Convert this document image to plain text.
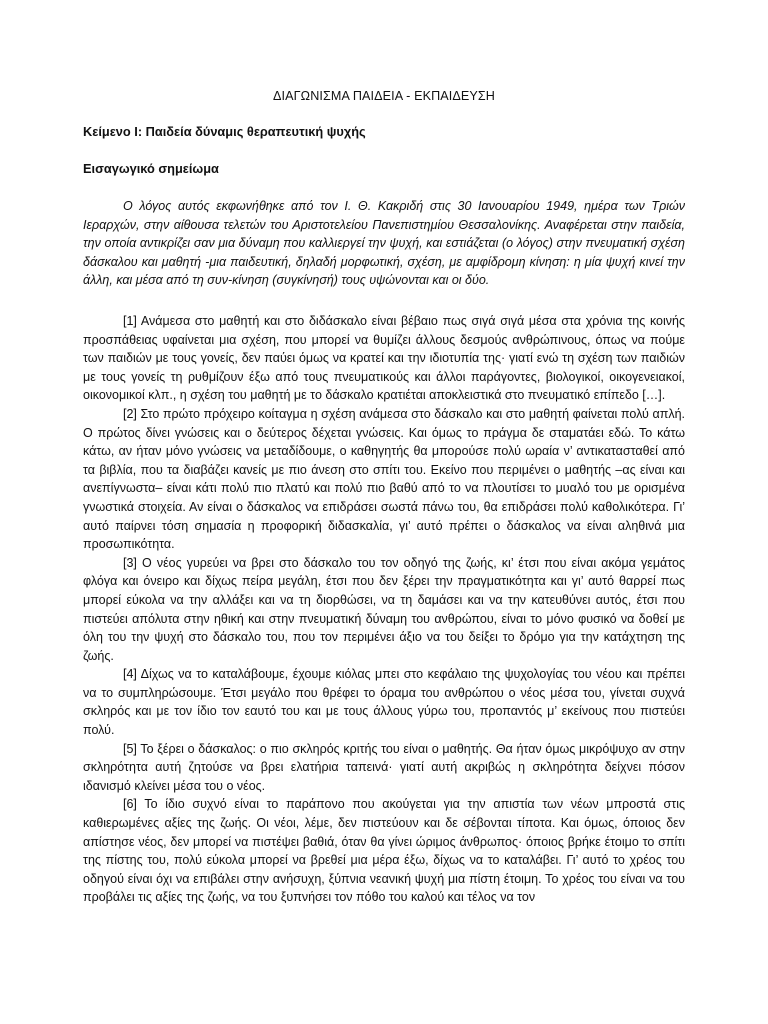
ΔΙΑΓΩΝΙΣΜΑ ΠΑΙΔΕΙΑ - ΕΚΠΑΙΔΕΥΣΗ
Κείμενο Ι: Παιδεία δύναμις θεραπευτική ψυχής
Εισαγωγικό σημείωμα
Ο λόγος αυτός εκφωνήθηκε από τον Ι. Θ. Κακριδή στις 30 Ιανουαρίου 1949, ημέρα των Τριών Ιεραρχών, στην αίθουσα τελετών του Αριστοτελείου Πανεπιστημίου Θεσσαλονίκης. Αναφέρεται στην παιδεία, την οποία αντικρίζει σαν μια δύναμη που καλλιεργεί την ψυχή, και εστιάζεται (ο λόγος) στην πνευματική σχέση δάσκαλου και μαθητή -μια παιδευτική, δηλαδή μορφωτική, σχέση, με αμφίδρομη κίνηση: η μία ψυχή κινεί την άλλη, και μέσα από τη συν-κίνηση (συγκίνησή) τους υψώνονται και οι δύο.

[1] Ανάμεσα στο μαθητή και στο διδάσκαλο είναι βέβαιο πως σιγά σιγά μέσα στα χρόνια της κοινής προσπάθειας υφαίνεται μια σχέση, που μπορεί να θυμίζει άλλους δεσμούς ανθρώπινους, όπως να πούμε των παιδιών με τους γονείς, δεν παύει όμως να κρατεί και την ιδιοτυπία της· γιατί ενώ τη σχέση των παιδιών με τους γονείς τη ρυθμίζουν έξω από τους πνευματικούς και άλλοι παράγοντες, βιολογικοί, οικογενειακοί, οικονομικοί κλπ., η σχέση του μαθητή με το δάσκαλο κρατιέται αποκλειστικά στο πνευματικό επίπεδο […].

[2] Στο πρώτο πρόχειρο κοίταγμα η σχέση ανάμεσα στο δάσκαλο και στο μαθητή φαίνεται πολύ απλή. Ο πρώτος δίνει γνώσεις και ο δεύτερος δέχεται γνώσεις. Και όμως το πράγμα δε σταματάει εδώ. Το κάτω κάτω, αν ήταν μόνο γνώσεις να μεταδίδουμε, ο καθηγητής θα μπορούσε πολύ ωραία ν’ αντικατασταθεί από τα βιβλία, που τα διαβάζει κανείς με πιο άνεση στο σπίτι του. Εκείνο που περιμένει ο μαθητής –ας είναι και ανεπίγνωστα– είναι κάτι πολύ πιο πλατύ και πολύ πιο βαθύ από το να πλουτίσει το μυαλό του με ορισμένα γνωστικά στοιχεία. Αν είναι ο δάσκαλος να επιδράσει σωστά πάνω του, θα επιδράσει πολύ καθολικότερα. Γι’ αυτό παίρνει τόση σημασία η προφορική διδασκαλία, γι’ αυτό πρέπει ο δάσκαλος να είναι αληθινά μια προσωπικότητα.

[3] Ο νέος γυρεύει να βρει στο δάσκαλο του τον οδηγό της ζωής, κι’ έτσι που είναι ακόμα γεμάτος φλόγα και όνειρο και δίχως πείρα μεγάλη, έτσι που δεν ξέρει την πραγματικότητα και γι’ αυτό θαρρεί πως μπορεί εύκολα να την αλλάξει και να τη διορθώσει, να τη δαμάσει και να την κατευθύνει αυτός, έτσι που πιστεύει απόλυτα στην ηθική και στην πνευματική δύναμη του ανθρώπου, είναι το μόνο φυσικό να δοθεί με όλη του την ψυχή στο δάσκαλο του, που τον περιμένει άξιο να του δείξει το δρόμο για την κατάχτηση της ζωής.

[4] Δίχως να το καταλάβουμε, έχουμε κιόλας μπει στο κεφάλαιο της ψυχολογίας του νέου και πρέπει να το συμπληρώσουμε. Έτσι μεγάλο που θρέφει το όραμα του ανθρώπου ο νέος μέσα του, γίνεται συχνά σκληρός και με τον ίδιο τον εαυτό του και με τους άλλους γύρω του, προπαντός μ’ εκείνους που πιστεύει πολύ.

[5] Το ξέρει ο δάσκαλος: ο πιο σκληρός κριτής του είναι ο μαθητής. Θα ήταν όμως μικρόψυχο αν στην σκληρότητα αυτή ζητούσε να βρει ελατήρια ταπεινά· γιατί αυτή ακριβώς η σκληρότητα δείχνει πόσον ιδανισμό κλείνει μέσα του ο νέος.

[6] Το ίδιο συχνό είναι το παράπονο που ακούγεται για την απιστία των νέων μπροστά στις καθιερωμένες αξίες της ζωής. Οι νέοι, λέμε, δεν πιστεύουν και δε σέβονται τίποτα. Και όμως, όποιος δεν απίστησε νέος, δεν μπορεί να πιστέψει βαθιά, όταν θα γίνει ώριμος άνθρωπος· όποιος βρήκε έτοιμο το σπίτι της πίστης του, πολύ εύκολα μπορεί να βρεθεί μια μέρα έξω, δίχως να το καταλάβει. Γι’ αυτό το χρέος του οδηγού είναι όχι να επιβάλει στην ανήσυχη, ξύπνια νεανική ψυχή μια πίστη έτοιμη. Το χρέος του είναι να του προβάλει τις αξίες της ζωής, να του ξυπνήσει τον πόθο του καλού και τέλος να τον
